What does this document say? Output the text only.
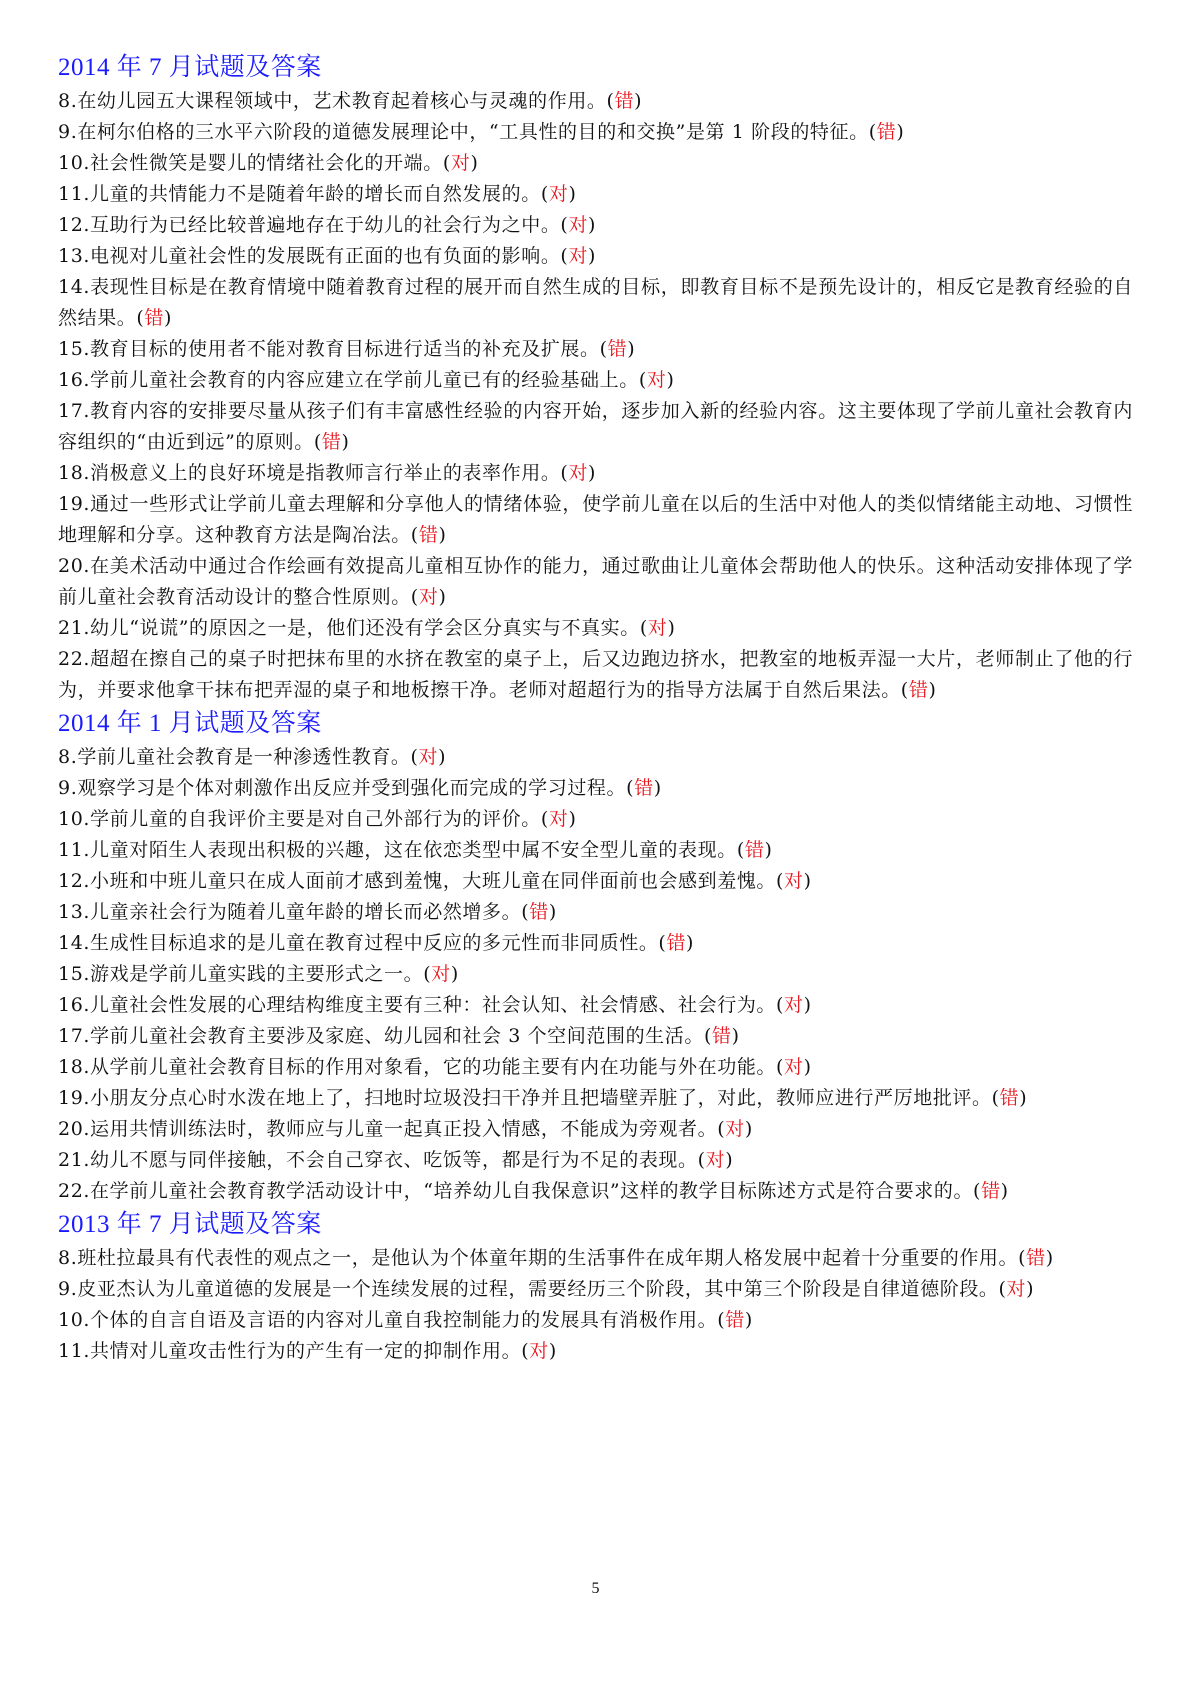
2014 年 7 月试题及答案
8.在幼儿园五大课程领域中，艺术教育起着核心与灵魂的作用。(错)
9.在柯尔伯格的三水平六阶段的道德发展理论中，“工具性的目的和交换”是第 1 阶段的特征。(错)
10.社会性微笑是婴儿的情绪社会化的开端。(对)
11.儿童的共情能力不是随着年龄的增长而自然发展的。(对)
12.互助行为已经比较普遍地存在于幼儿的社会行为之中。(对)
13.电视对儿童社会性的发展既有正面的也有负面的影响。(对)
14.表现性目标是在教育情境中随着教育过程的展开而自然生成的目标，即教育目标不是预先设计的，相反它是教育经验的自然结果。(错)
15.教育目标的使用者不能对教育目标进行适当的补充及扩展。(错)
16.学前儿童社会教育的内容应建立在学前儿童已有的经验基础上。(对)
17.教育内容的安排要尽量从孩子们有丰富感性经验的内容开始，逐步加入新的经验内容。这主要体现了学前儿童社会教育内容组织的“由近到远”的原则。(错)
18.消极意义上的良好环境是指教师言行举止的表率作用。(对)
19.通过一些形式让学前儿童去理解和分享他人的情绪体验，使学前儿童在以后的生活中对他人的类似情绪能主动地、习惯性地理解和分享。这种教育方法是陶冶法。(错)
20.在美术活动中通过合作绘画有效提高儿童相互协作的能力，通过歌曲让儿童体会帮助他人的快乐。这种活动安排体现了学前儿童社会教育活动设计的整合性原则。(对)
21.幼儿“说谎”的原因之一是，他们还没有学会区分真实与不真实。(对)
22.超超在擦自己的桌子时把抹布里的水挤在教室的桌子上，后又边跑边挤水，把教室的地板弄湿一大片，老师制止了他的行为，并要求他拿干抹布把弄湿的桌子和地板擦干净。老师对超超行为的指导方法属于自然后果法。(错)
2014 年 1 月试题及答案
8.学前儿童社会教育是一种渗透性教育。(对)
9.观察学习是个体对刺激作出反应并受到强化而完成的学习过程。(错)
10.学前儿童的自我评价主要是对自己外部行为的评价。(对)
11.儿童对陌生人表现出积极的兴趣，这在依恋类型中属不安全型儿童的表现。(错)
12.小班和中班儿童只在成人面前才感到羞愧，大班儿童在同伴面前也会感到羞愧。(对)
13.儿童亲社会行为随着儿童年龄的增长而必然增多。(错)
14.生成性目标追求的是儿童在教育过程中反应的多元性而非同质性。(错)
15.游戏是学前儿童实践的主要形式之一。(对)
16.儿童社会性发展的心理结构维度主要有三种：社会认知、社会情感、社会行为。(对)
17.学前儿童社会教育主要涉及家庭、幼儿园和社会 3 个空间范围的生活。(错)
18.从学前儿童社会教育目标的作用对象看，它的功能主要有内在功能与外在功能。(对)
19.小朋友分点心时水泼在地上了，扫地时垃圾没扫干净并且把墙壁弄脏了，对此，教师应进行严厉地批评。(错)
20.运用共情训练法时，教师应与儿童一起真正投入情感，不能成为旁观者。(对)
21.幼儿不愿与同伴接触，不会自己穿衣、吃饭等，都是行为不足的表现。(对)
22.在学前儿童社会教育教学活动设计中，“培养幼儿自我保意识”这样的教学目标陈述方式是符合要求的。(错)
2013 年 7 月试题及答案
8.班杜拉最具有代表性的观点之一，是他认为个体童年期的生活事件在成年期人格发展中起着十分重要的作用。(错)
9.皮亚杰认为儿童道德的发展是一个连续发展的过程，需要经历三个阶段，其中第三个阶段是自律道德阶段。(对)
10.个体的自言自语及言语的内容对儿童自我控制能力的发展具有消极作用。(错)
11.共情对儿童攻击性行为的产生有一定的抑制作用。(对)
5
